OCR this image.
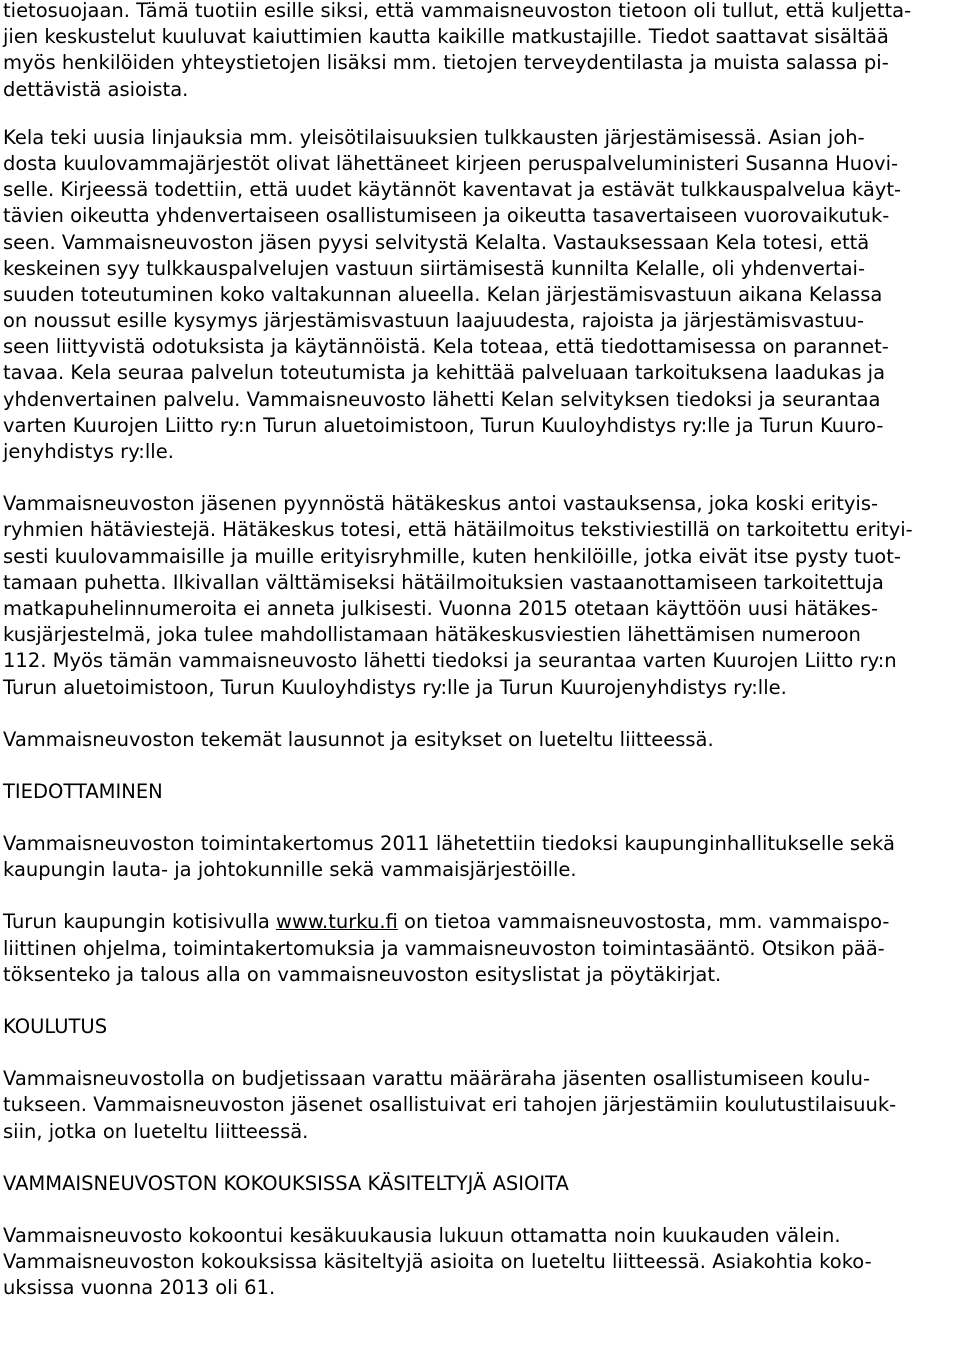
tietosuojaan. Tämä tuotiin esille siksi, että vammaisneuvoston tietoon oli tullut, että kuljetta-
jien keskustelut kuuluvat kaiuttimien kautta kaikille matkustajille. Tiedot saattavat sisältää
myös henkilöiden yhteystietojen lisäksi mm. tietojen terveydentilasta ja muista salassa pi-
dettävistä asioista.
Kela teki uusia linjauksia mm. yleisötilaisuuksien tulkkausten järjestämisessä. Asian joh-
dosta kuulovammajärjestöt olivat lähettäneet kirjeen peruspalveluministeri Susanna Huovi-
selle. Kirjeessä todettiin, että uudet käytännöt kaventavat ja estävät tulkkauspalvelua käyt-
tävien oikeutta yhdenvertaiseen osallistumiseen ja oikeutta tasavertaiseen vuorovaikutuk-
seen. Vammaisneuvoston jäsen pyysi selvitystä Kelalta. Vastauksessaan Kela totesi, että
keskeinen syy tulkkauspalvelujen vastuun siirtämisestä kunnilta Kelalle, oli yhdenvertai-
suuden toteutuminen koko valtakunnan alueella. Kelan järjestämisvastuun aikana Kelassa
on noussut esille kysymys järjestämisvastuun laajuudesta, rajoista ja järjestämisvastuu-
seen liittyvistä odotuksista ja käytännöistä. Kela toteaa, että tiedottamisessa on parannet-
tavaa. Kela seuraa palvelun toteutumista ja kehittää palveluaan tarkoituksena laadukas ja
yhdenvertainen palvelu. Vammaisneuvosto lähetti Kelan selvityksen tiedoksi ja seurantaa
varten Kuurojen Liitto ry:n Turun aluetoimistoon, Turun Kuuloyhdistys ry:lle ja Turun Kuuro-
jenyhdistys ry:lle.
Vammaisneuvoston jäsenen pyynnöstä hätäkeskus antoi vastauksensa, joka koski erityis-
ryhmien hätäviestejä. Hätäkeskus totesi, että hätäilmoitus tekstiviestillä on tarkoitettu erityi-
sesti kuulovammaisille ja muille erityisryhmille, kuten henkilöille, jotka eivät itse pysty tuot-
tamaan puhetta. Ilkivallan välttämiseksi hätäilmoituksien vastaanottamiseen tarkoitettuja
matkapuhelinnumeroita ei anneta julkisesti. Vuonna 2015 otetaan käyttöön uusi hätäkes-
kusjärjestelmä, joka tulee mahdollistamaan hätäkeskusviestien lähettämisen numeroon
112. Myös tämän vammaisneuvosto lähetti tiedoksi ja seurantaa varten Kuurojen Liitto ry:n
Turun aluetoimistoon, Turun Kuuloyhdistys ry:lle ja Turun Kuurojenyhdistys ry:lle.
Vammaisneuvoston tekemät lausunnot ja esitykset on lueteltu liitteessä.
TIEDOTTAMINEN
Vammaisneuvoston toimintakertomus 2011 lähetettiin tiedoksi kaupunginhallitukselle sekä
kaupungin lauta- ja johtokunnille sekä vammaisjärjestöille.
Turun kaupungin kotisivulla www.turku.fi on tietoa vammaisneuvostosta, mm. vammaispo-
liittinen ohjelma, toimintakertomuksia ja vammaisneuvoston toimintasääntö. Otsikon pää-
töksenteko ja talous alla on vammaisneuvoston esityslistat ja pöytäkirjat.
KOULUTUS
Vammaisneuvostolla on budjetissaan varattu määräraha jäsenten osallistumiseen koulu-
tukseen. Vammaisneuvoston jäsenet osallistuivat eri tahojen järjestämiin koulutustilaisuuk-
siin, jotka on lueteltu liitteessä.
VAMMAISNEUVOSTON KOKOUKSISSA KÄSITELTYJÄ ASIOITA
Vammaisneuvosto kokoontui kesäkuukausia lukuun ottamatta noin kuukauden välein.
Vammaisneuvoston kokouksissa käsiteltyjä asioita on lueteltu liitteessä. Asiakohtia koko-
uksissa vuonna 2013 oli 61.
